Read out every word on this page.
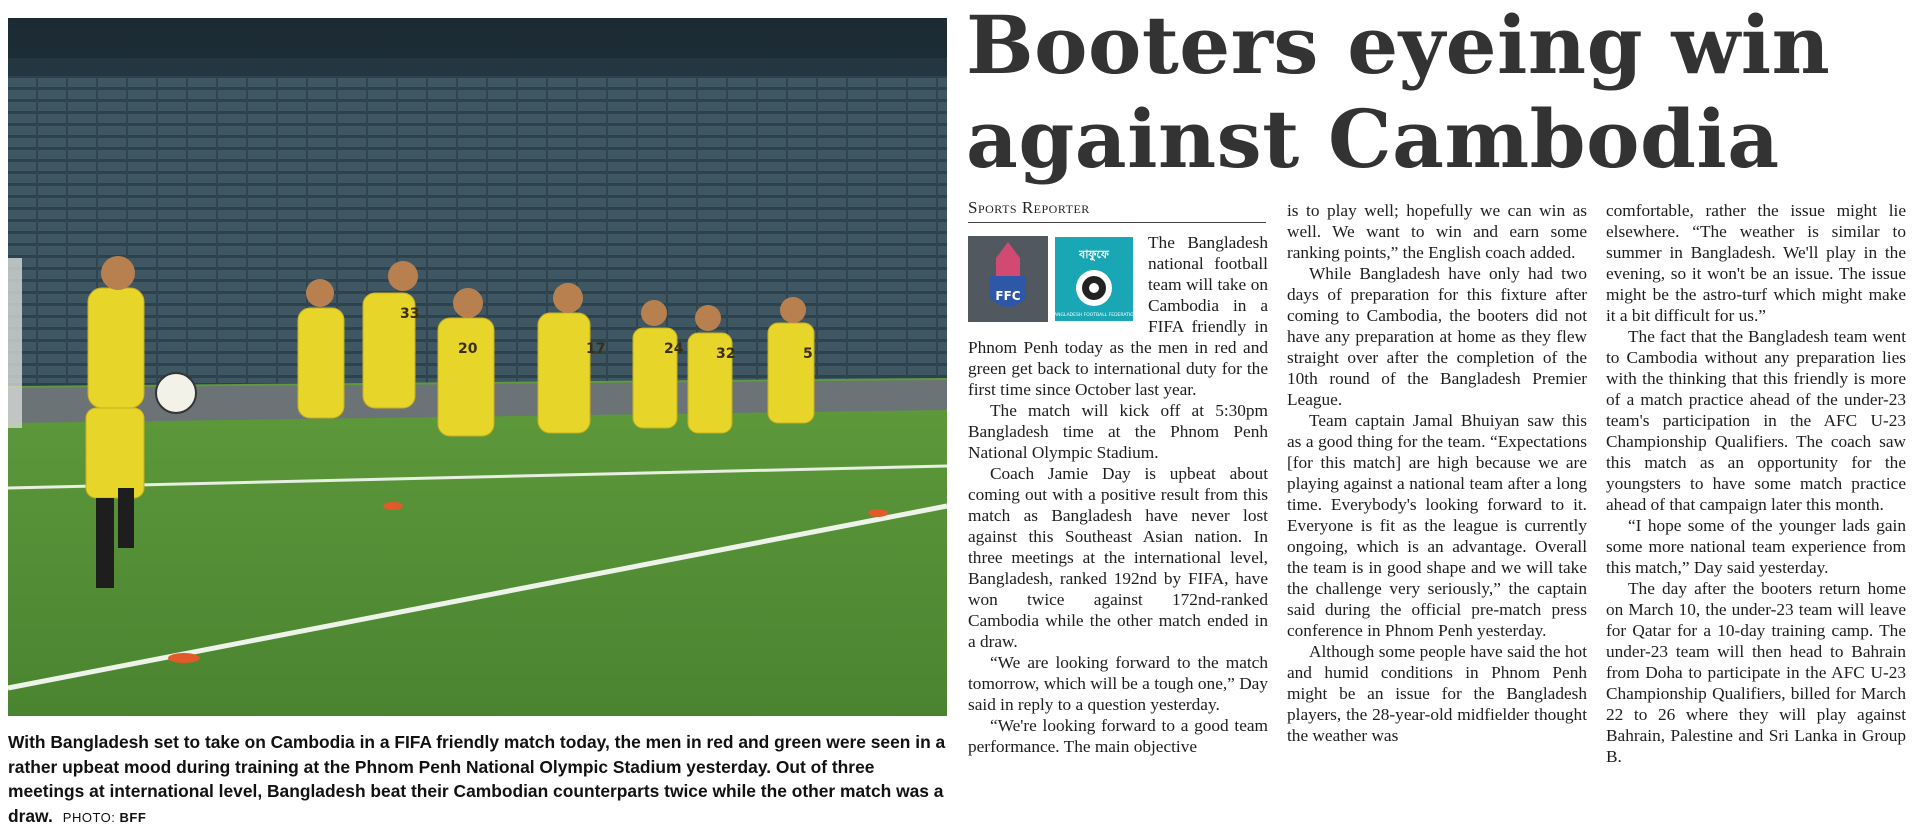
33
20	17	24 32	5
With Bangladesh set to take on Cambodia in a FIFA friendly match today, the men in red and green were seen in a rather upbeat mood during training at the Phnom Penh National Olympic Stadium yesterday. Out of three meetings at international level, Bangladesh beat their Cambodian counterparts twice while the other match was a draw. PHOTO: BFF
Booters eyeing win
against Cambodia
Sports Reporter
FFC
বাফুফে
BANGLADESH FOOTBALL FEDERATION

The Bangladesh national football team will take on Cambodia in a FIFA friendly in Phnom Penh today as the men in red and green get back to international duty for the first time since October last year.

The match will kick off at 5:30pm Bangladesh time at the Phnom Penh National Olympic Stadium.

Coach Jamie Day is upbeat about coming out with a positive result from this match as Bangladesh have never lost against this Southeast Asian nation. In three meetings at the international level, Bangladesh, ranked 192nd by FIFA, have won twice against 172nd-ranked Cambodia while the other match ended in a draw.

“We are looking forward to the match tomorrow, which will be a tough one,” Day said in reply to a question yesterday.

“We're looking forward to a good team performance. The main objective

is to play well; hopefully we can win as well. We want to win and earn some ranking points,” the English coach added.

While Bangladesh have only had two days of preparation for this fixture after coming to Cambodia, the booters did not have any preparation at home as they flew straight over after the completion of the 10th round of the Bangladesh Premier League.

Team captain Jamal Bhuiyan saw this as a good thing for the team. “Expectations [for this match] are high because we are playing against a national team after a long time. Everybody's looking forward to it. Everyone is fit as the league is currently ongoing, which is an advantage. Overall the team is in good shape and we will take the challenge very seriously,” the captain said during the official pre-match press conference in Phnom Penh yesterday.

Although some people have said the hot and humid conditions in Phnom Penh might be an issue for the Bangladesh players, the 28-year-old midfielder thought the weather was

comfortable, rather the issue might lie elsewhere. “The weather is similar to summer in Bangladesh. We'll play in the evening, so it won't be an issue. The issue might be the astro-turf which might make it a bit difficult for us.”

The fact that the Bangladesh team went to Cambodia without any preparation lies with the thinking that this friendly is more of a match practice ahead of the under-23 team's participation in the AFC U-23 Championship Qualifiers. The coach saw this match as an opportunity for the youngsters to have some match practice ahead of that campaign later this month.

“I hope some of the younger lads gain some more national team experience from this match,” Day said yesterday.

The day after the booters return home on March 10, the under-23 team will leave for Qatar for a 10-day training camp. The under-23 team will then head to Bahrain from Doha to participate in the AFC U-23 Championship Qualifiers, billed for March 22 to 26 where they will play against Bahrain, Palestine and Sri Lanka in Group B.
